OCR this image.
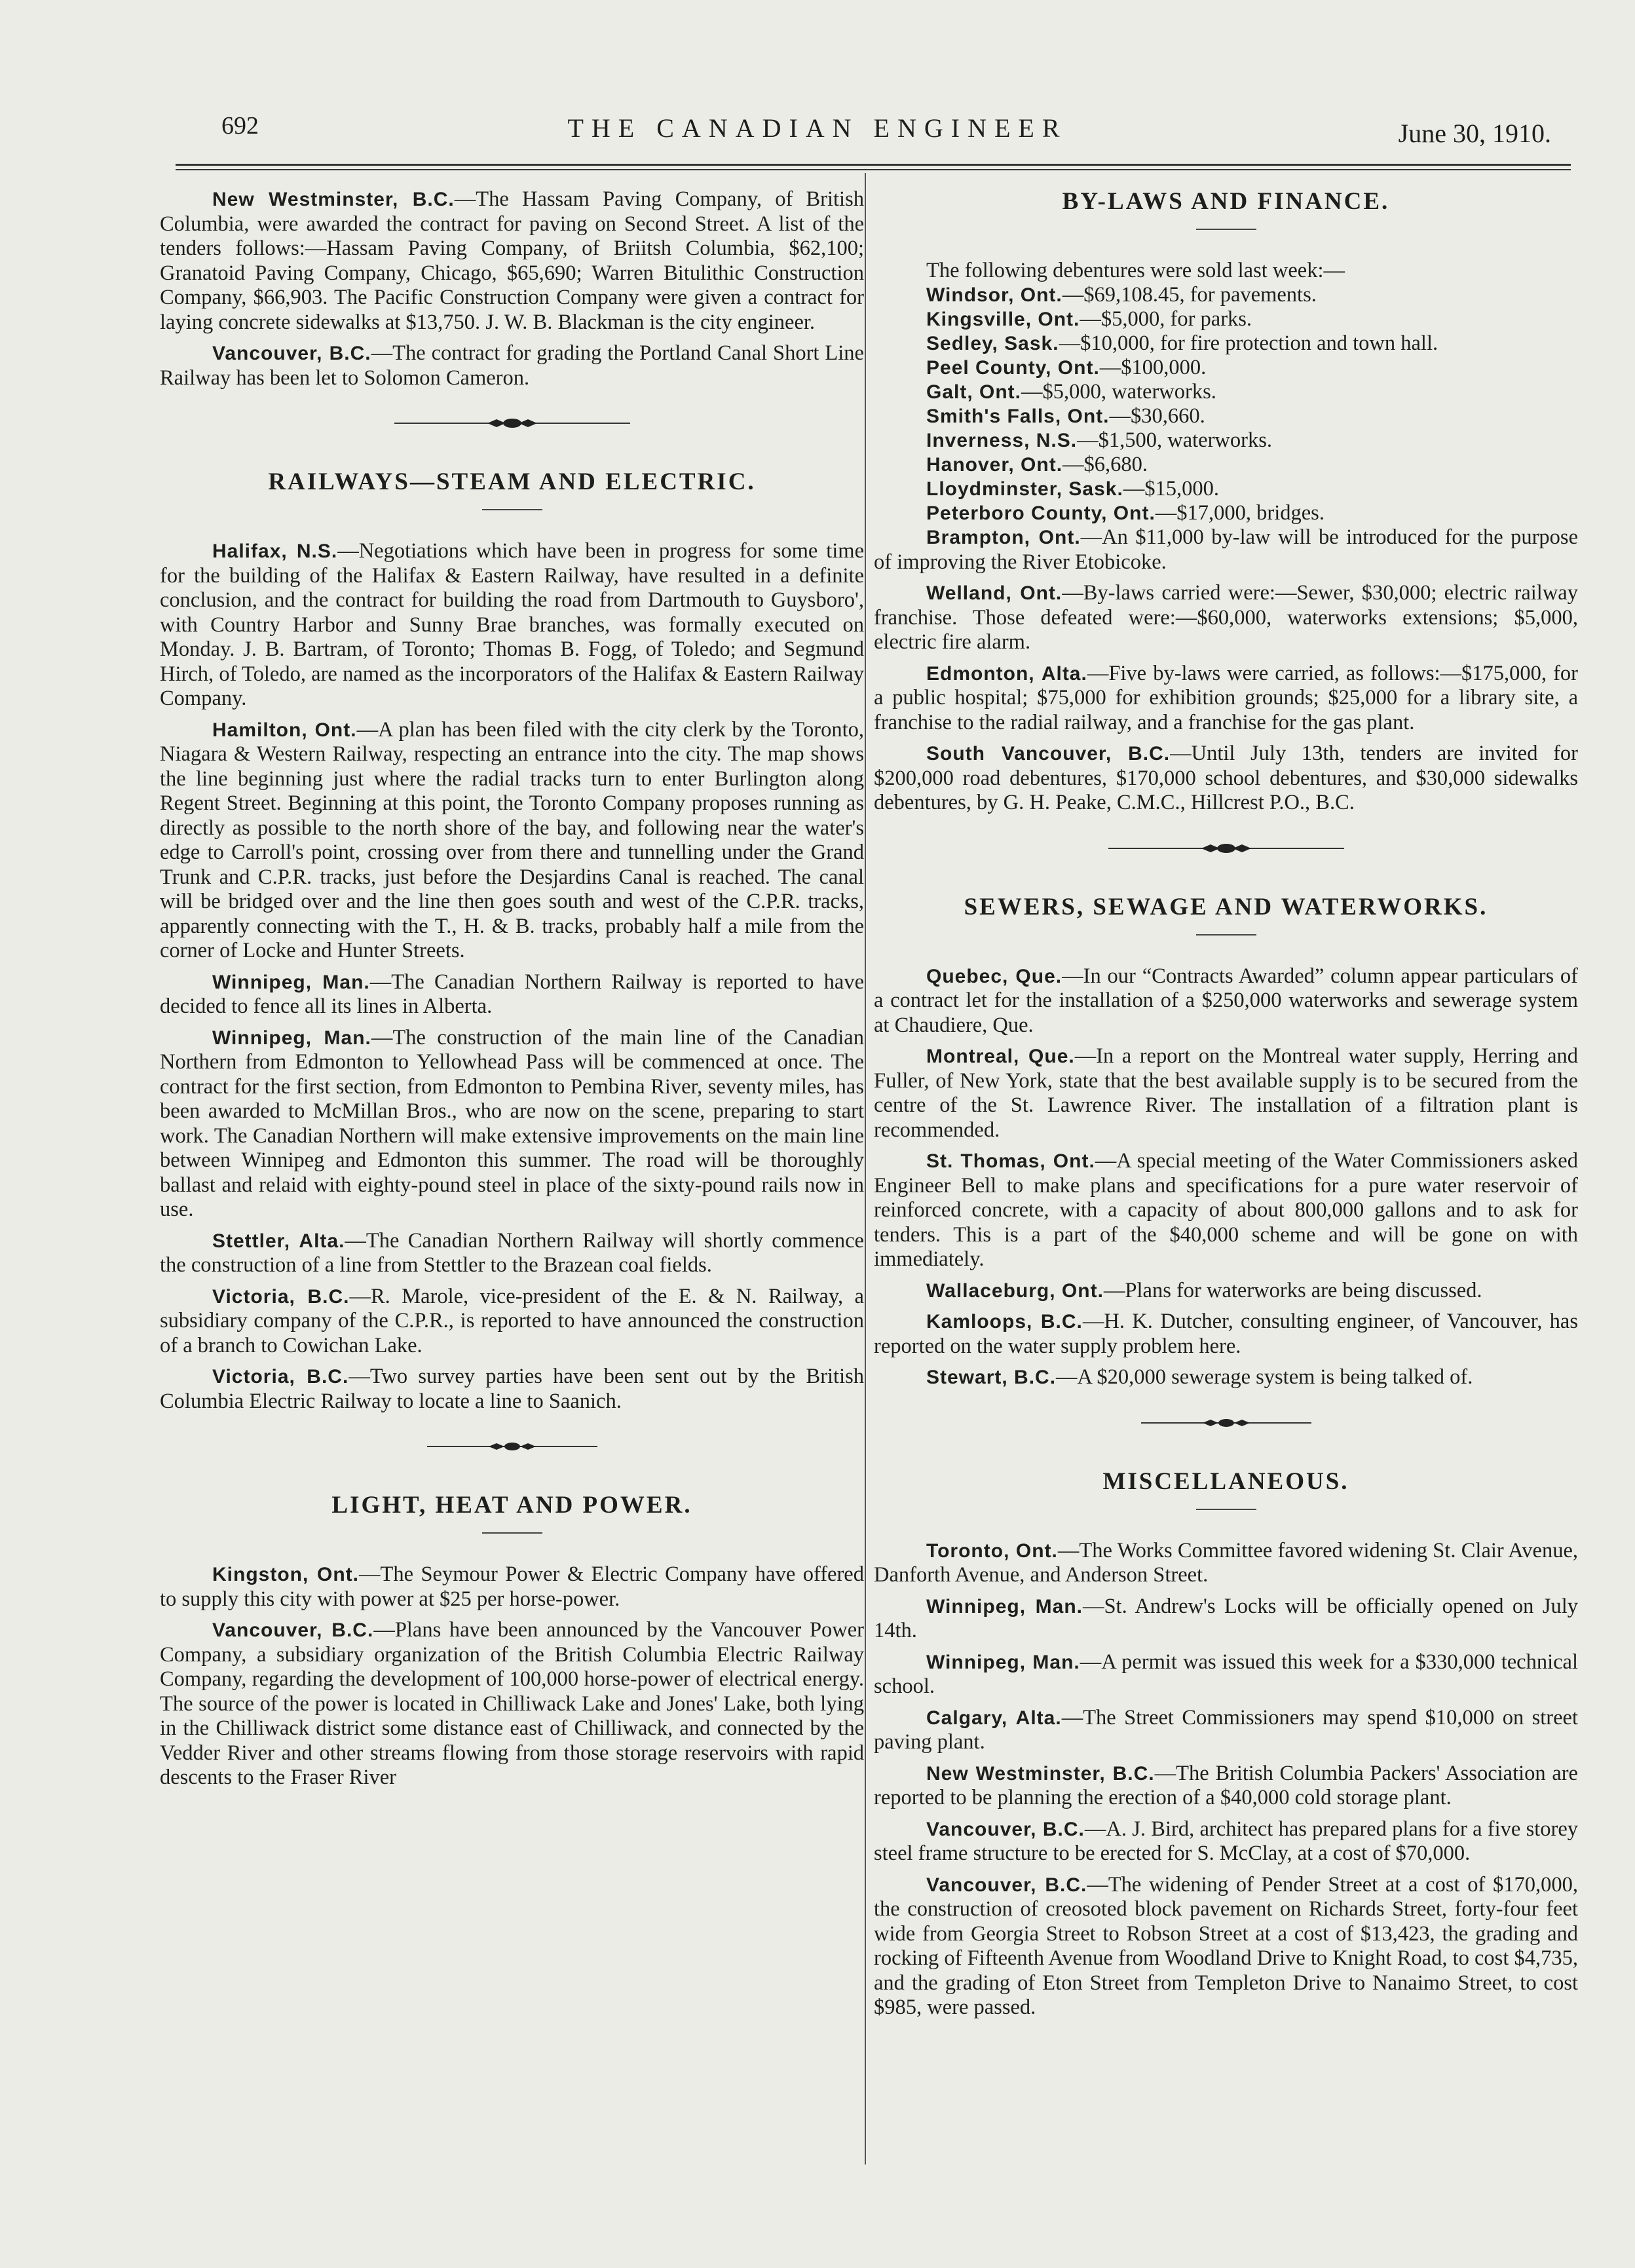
692	THE CANADIAN ENGINEER	June 30, 1910.

New Westminster, B.C.—The Hassam Paving Company, of British Columbia, were awarded the contract for paving on Second Street. A list of the tenders follows:—Hassam Paving Company, of Briitsh Columbia, $62,100; Granatoid Paving Company, Chicago, $65,690; Warren Bitulithic Construction Company, $66,903. The Pacific Construction Company were given a contract for laying concrete sidewalks at $13,750. J. W. B. Blackman is the city engineer.

Vancouver, B.C.—The contract for grading the Portland Canal Short Line Railway has been let to Solomon Cameron.

RAILWAYS—STEAM AND ELECTRIC.

Halifax, N.S.—Negotiations which have been in progress for some time for the building of the Halifax & Eastern Railway, have resulted in a definite conclusion, and the contract for building the road from Dartmouth to Guysboro', with Country Harbor and Sunny Brae branches, was formally executed on Monday. J. B. Bartram, of Toronto; Thomas B. Fogg, of Toledo; and Segmund Hirch, of Toledo, are named as the incorporators of the Halifax & Eastern Railway Company.

Hamilton, Ont.—A plan has been filed with the city clerk by the Toronto, Niagara & Western Railway, respecting an entrance into the city. The map shows the line beginning just where the radial tracks turn to enter Burlington along Regent Street. Beginning at this point, the Toronto Company proposes running as directly as possible to the north shore of the bay, and following near the water's edge to Carroll's point, crossing over from there and tunnelling under the Grand Trunk and C.P.R. tracks, just before the Desjardins Canal is reached. The canal will be bridged over and the line then goes south and west of the C.P.R. tracks, apparently connecting with the T., H. & B. tracks, probably half a mile from the corner of Locke and Hunter Streets.

Winnipeg, Man.—The Canadian Northern Railway is reported to have decided to fence all its lines in Alberta.

Winnipeg, Man.—The construction of the main line of the Canadian Northern from Edmonton to Yellowhead Pass will be commenced at once. The contract for the first section, from Edmonton to Pembina River, seventy miles, has been awarded to McMillan Bros., who are now on the scene, preparing to start work. The Canadian Northern will make extensive improvements on the main line between Winnipeg and Edmonton this summer. The road will be thoroughly ballast and relaid with eighty-pound steel in place of the sixty-pound rails now in use.

Stettler, Alta.—The Canadian Northern Railway will shortly commence the construction of a line from Stettler to the Brazean coal fields.

Victoria, B.C.—R. Marole, vice-president of the E. & N. Railway, a subsidiary company of the C.P.R., is reported to have announced the construction of a branch to Cowichan Lake.

Victoria, B.C.—Two survey parties have been sent out by the British Columbia Electric Railway to locate a line to Saanich.

LIGHT, HEAT AND POWER.

Kingston, Ont.—The Seymour Power & Electric Company have offered to supply this city with power at $25 per horse-power.

Vancouver, B.C.—Plans have been announced by the Vancouver Power Company, a subsidiary organization of the British Columbia Electric Railway Company, regarding the development of 100,000 horse-power of electrical energy. The source of the power is located in Chilliwack Lake and Jones' Lake, both lying in the Chilliwack district some distance east of Chilliwack, and connected by the Vedder River and other streams flowing from those storage reservoirs with rapid descents to the Fraser River

BY-LAWS AND FINANCE.

The following debentures were sold last week:—

Windsor, Ont.—$69,108.45, for pavements.

Kingsville, Ont.—$5,000, for parks.

Sedley, Sask.—$10,000, for fire protection and town hall.

Peel County, Ont.—$100,000.

Galt, Ont.—$5,000, waterworks.

Smith's Falls, Ont.—$30,660.

Inverness, N.S.—$1,500, waterworks.

Hanover, Ont.—$6,680.

Lloydminster, Sask.—$15,000.

Peterboro County, Ont.—$17,000, bridges.

Brampton, Ont.—An $11,000 by-law will be introduced for the purpose of improving the River Etobicoke.

Welland, Ont.—By-laws carried were:—Sewer, $30,000; electric railway franchise. Those defeated were:—$60,000, waterworks extensions; $5,000, electric fire alarm.

Edmonton, Alta.—Five by-laws were carried, as follows:—$175,000, for a public hospital; $75,000 for exhibition grounds; $25,000 for a library site, a franchise to the radial railway, and a franchise for the gas plant.

South Vancouver, B.C.—Until July 13th, tenders are invited for $200,000 road debentures, $170,000 school debentures, and $30,000 sidewalks debentures, by G. H. Peake, C.M.C., Hillcrest P.O., B.C.

SEWERS, SEWAGE AND WATERWORKS.

Quebec, Que.—In our “Contracts Awarded” column appear particulars of a contract let for the installation of a $250,000 waterworks and sewerage system at Chaudiere, Que.

Montreal, Que.—In a report on the Montreal water supply, Herring and Fuller, of New York, state that the best available supply is to be secured from the centre of the St. Lawrence River. The installation of a filtration plant is recommended.

St. Thomas, Ont.—A special meeting of the Water Commissioners asked Engineer Bell to make plans and specifications for a pure water reservoir of reinforced concrete, with a capacity of about 800,000 gallons and to ask for tenders. This is a part of the $40,000 scheme and will be gone on with immediately.

Wallaceburg, Ont.—Plans for waterworks are being discussed.

Kamloops, B.C.—H. K. Dutcher, consulting engineer, of Vancouver, has reported on the water supply problem here.

Stewart, B.C.—A $20,000 sewerage system is being talked of.

MISCELLANEOUS.

Toronto, Ont.—The Works Committee favored widening St. Clair Avenue, Danforth Avenue, and Anderson Street.

Winnipeg, Man.—St. Andrew's Locks will be officially opened on July 14th.

Winnipeg, Man.—A permit was issued this week for a $330,000 technical school.

Calgary, Alta.—The Street Commissioners may spend $10,000 on street paving plant.

New Westminster, B.C.—The British Columbia Packers' Association are reported to be planning the erection of a $40,000 cold storage plant.

Vancouver, B.C.—A. J. Bird, architect has prepared plans for a five storey steel frame structure to be erected for S. McClay, at a cost of $70,000.

Vancouver, B.C.—The widening of Pender Street at a cost of $170,000, the construction of creosoted block pavement on Richards Street, forty-four feet wide from Georgia Street to Robson Street at a cost of $13,423, the grading and rocking of Fifteenth Avenue from Woodland Drive to Knight Road, to cost $4,735, and the grading of Eton Street from Templeton Drive to Nanaimo Street, to cost $985, were passed.
